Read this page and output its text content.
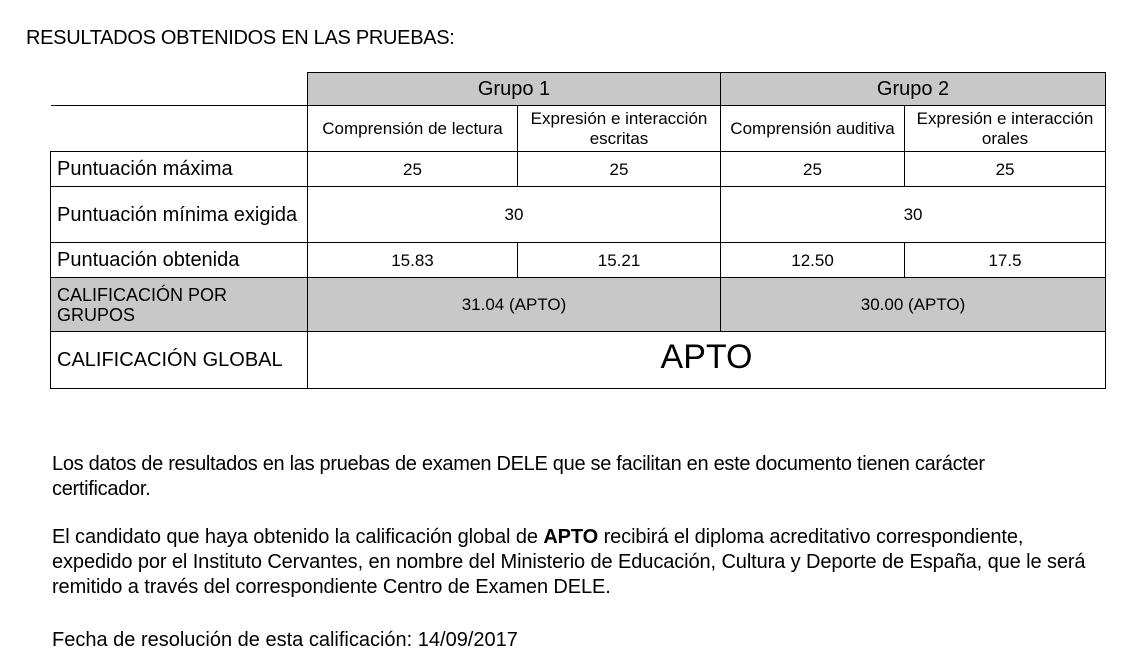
RESULTADOS OBTENIDOS EN LAS PRUEBAS:
	Grupo 1		Grupo 2	
	Comprensión de lectura	Expresión e interacción escritas	Comprensión auditiva	Expresión e interacción orales
Puntuación máxima	25	25	25	25
Puntuación mínima exigida	30		30	
Puntuación obtenida	15.83	15.21	12.50	17.5
CALIFICACIÓN POR GRUPOS	31.04 (APTO)		30.00 (APTO)	
CALIFICACIÓN GLOBAL	APTO			
Los datos de resultados en las pruebas de examen DELE que se facilitan en este documento tienen carácter certificador.
El candidato que haya obtenido la calificación global de APTO recibirá el diploma acreditativo correspondiente, expedido por el Instituto Cervantes, en nombre del Ministerio de Educación, Cultura y Deporte de España, que le será remitido a través del correspondiente Centro de Examen DELE.
Fecha de resolución de esta calificación: 14/09/2017
